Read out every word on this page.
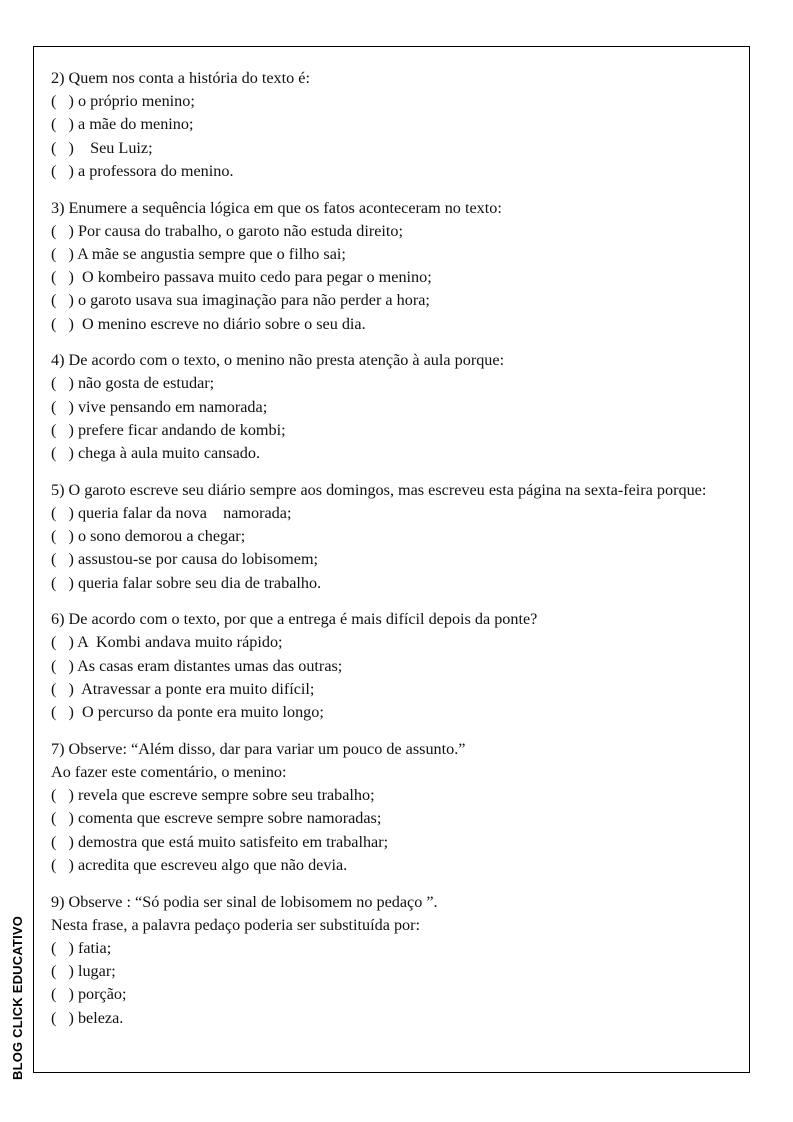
BLOG CLICK EDUCATIVO
2) Quem nos conta a história do texto é:
(   ) o próprio menino;
(   ) a mãe do menino;
(   )    Seu Luiz;
(   ) a professora do menino.
3) Enumere a sequência lógica em que os fatos aconteceram no texto:
(   ) Por causa do trabalho, o garoto não estuda direito;
(   ) A mãe se angustia sempre que o filho sai;
(   )  O kombeiro passava muito cedo para pegar o menino;
(   ) o garoto usava sua imaginação para não perder a hora;
(   )  O menino escreve no diário sobre o seu dia.
4) De acordo com o texto, o menino não presta atenção à aula porque:
(   ) não gosta de estudar;
(   ) vive pensando em namorada;
(   ) prefere ficar andando de kombi;
(   ) chega à aula muito cansado.
5) O garoto escreve seu diário sempre aos domingos, mas escreveu esta página na sexta-feira porque:
(   ) queria falar da nova    namorada;
(   ) o sono demorou a chegar;
(   ) assustou-se por causa do lobisomem;
(   ) queria falar sobre seu dia de trabalho.
6) De acordo com o texto, por que a entrega é mais difícil depois da ponte?
(   ) A  Kombi andava muito rápido;
(   ) As casas eram distantes umas das outras;
(   )  Atravessar a ponte era muito difícil;
(   )  O percurso da ponte era muito longo;
7) Observe: “Além disso, dar para variar um pouco de assunto.”
Ao fazer este comentário, o menino:
(   ) revela que escreve sempre sobre seu trabalho;
(   ) comenta que escreve sempre sobre namoradas;
(   ) demostra que está muito satisfeito em trabalhar;
(   ) acredita que escreveu algo que não devia.
9) Observe : “Só podia ser sinal de lobisomem no pedaço ”.
Nesta frase, a palavra pedaço poderia ser substituída por:
(   ) fatia;
(   ) lugar;
(   ) porção;
(   ) beleza.
